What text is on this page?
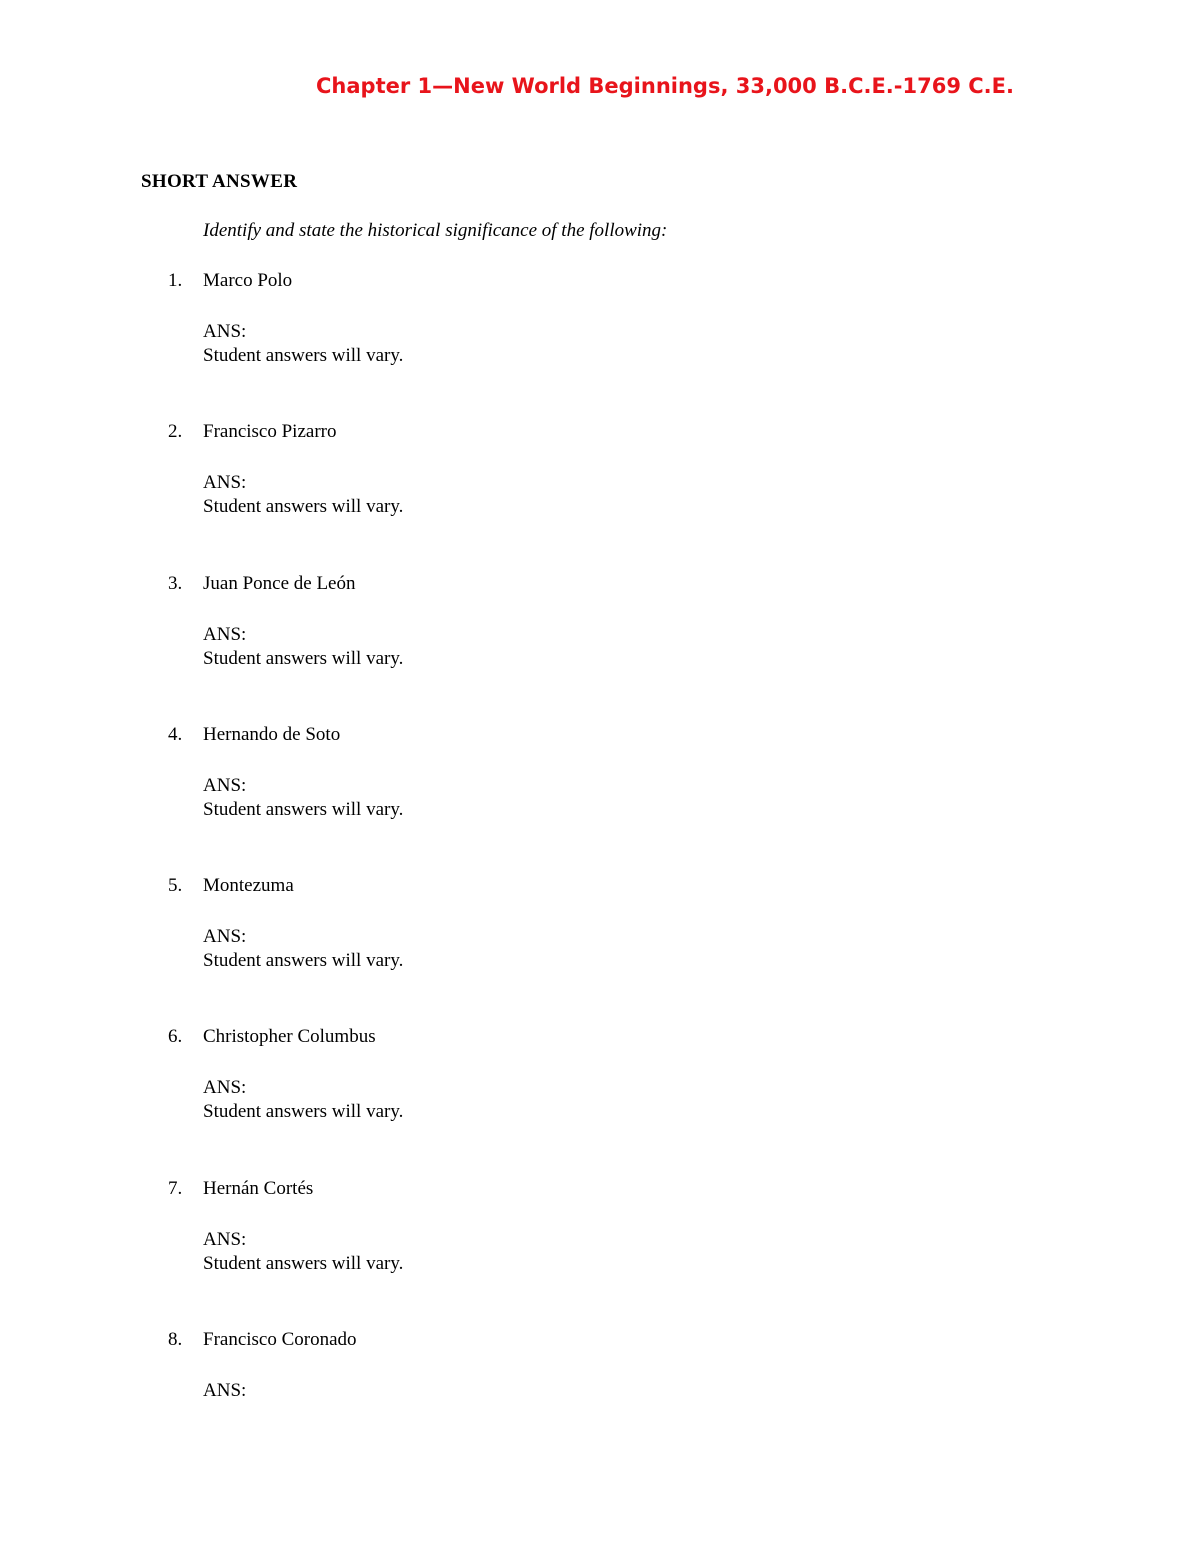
Chapter 1—New World Beginnings, 33,000 B.C.E.-1769 C.E.
SHORT ANSWER

Identify and state the historical significance of the following:

1. Marco Polo
ANS:
Student answers will vary.
2. Francisco Pizarro
ANS:
Student answers will vary.
3. Juan Ponce de León
ANS:
Student answers will vary.
4. Hernando de Soto
ANS:
Student answers will vary.
5. Montezuma
ANS:
Student answers will vary.
6. Christopher Columbus
ANS:
Student answers will vary.
7. Hernán Cortés
ANS:
Student answers will vary.
8. Francisco Coronado
ANS:
